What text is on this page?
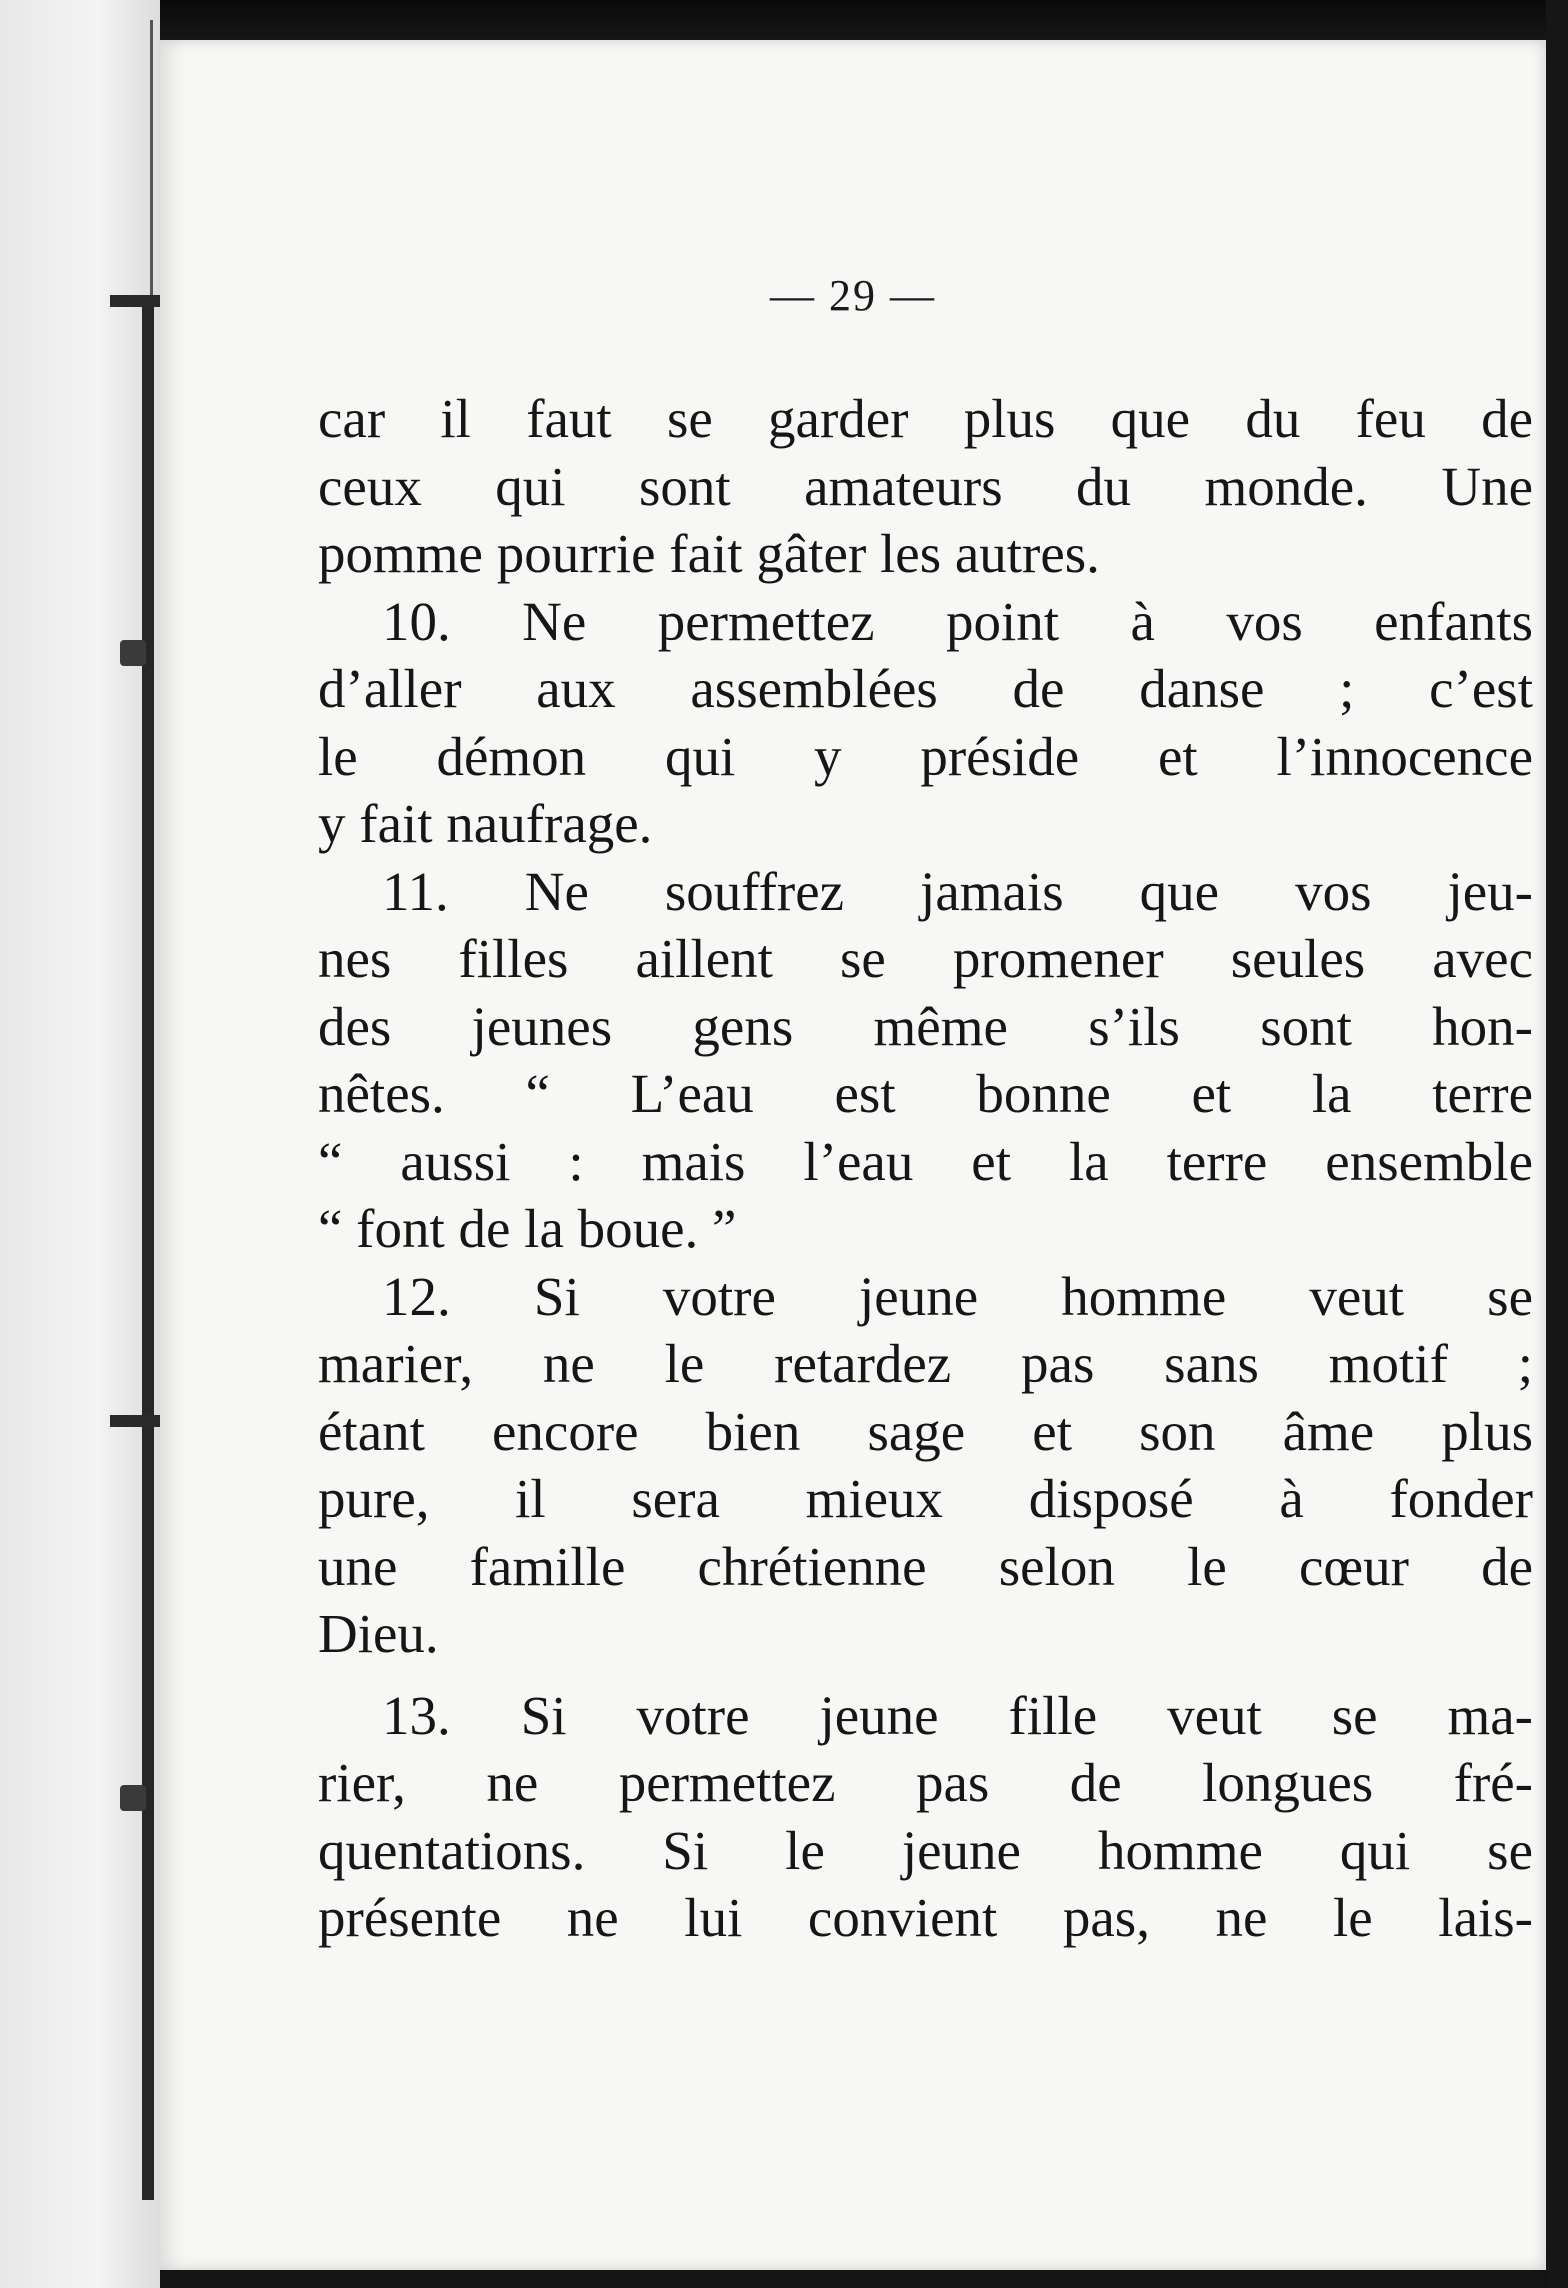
— 29 —
car il faut se garder plus que du feu de
ceux qui sont amateurs du monde. Une
pomme pourrie fait gâter les autres.
10. Ne permettez point à vos enfants
d’aller aux assemblées de danse ; c’est
le démon qui y préside et l’innocence
y fait naufrage.
11. Ne souffrez jamais que vos jeu-
nes filles aillent se promener seules avec
des jeunes gens même s’ils sont hon-
nêtes. “ L’eau est bonne et la terre
“ aussi : mais l’eau et la terre ensemble
“ font de la boue. ”
12. Si votre jeune homme veut se
marier, ne le retardez pas sans motif ;
étant encore bien sage et son âme plus
pure, il sera mieux disposé à fonder
une famille chrétienne selon le cœur de
Dieu.
13. Si votre jeune fille veut se ma-
rier, ne permettez pas de longues fré-
quentations. Si le jeune homme qui se
présente ne lui convient pas, ne le lais-
